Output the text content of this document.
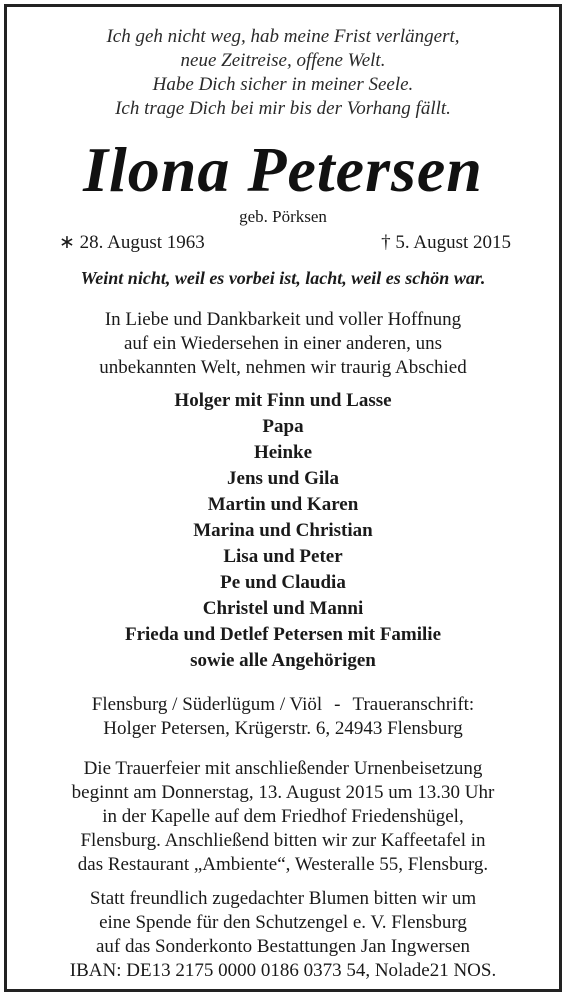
Ich geh nicht weg, hab meine Frist verlängert,
neue Zeitreise, offene Welt.
Habe Dich sicher in meiner Seele.
Ich trage Dich bei mir bis der Vorhang fällt.
Ilona Petersen
geb. Pörksen
∗ 28. August 1963	† 5. August 2015
Weint nicht, weil es vorbei ist, lacht, weil es schön war.
In Liebe und Dankbarkeit und voller Hoffnung
auf ein Wiedersehen in einer anderen, uns
unbekannten Welt, nehmen wir traurig Abschied
Holger mit Finn und Lasse
Papa
Heinke
Jens und Gila
Martin und Karen
Marina und Christian
Lisa und Peter
Pe und Claudia
Christel und Manni
Frieda und Detlef Petersen mit Familie
sowie alle Angehörigen
Flensburg / Süderlügum / Viöl - Traueranschrift:
Holger Petersen, Krügerstr. 6, 24943 Flensburg
Die Trauerfeier mit anschließender Urnenbeisetzung
beginnt am Donnerstag, 13. August 2015 um 13.30 Uhr
in der Kapelle auf dem Friedhof Friedenshügel,
Flensburg. Anschließend bitten wir zur Kaffeetafel in
das Restaurant „Ambiente“, Westeralle 55, Flensburg.
Statt freundlich zugedachter Blumen bitten wir um
eine Spende für den Schutzengel e. V. Flensburg
auf das Sonderkonto Bestattungen Jan Ingwersen
IBAN: DE13 2175 0000 0186 0373 54, Nolade21 NOS.
